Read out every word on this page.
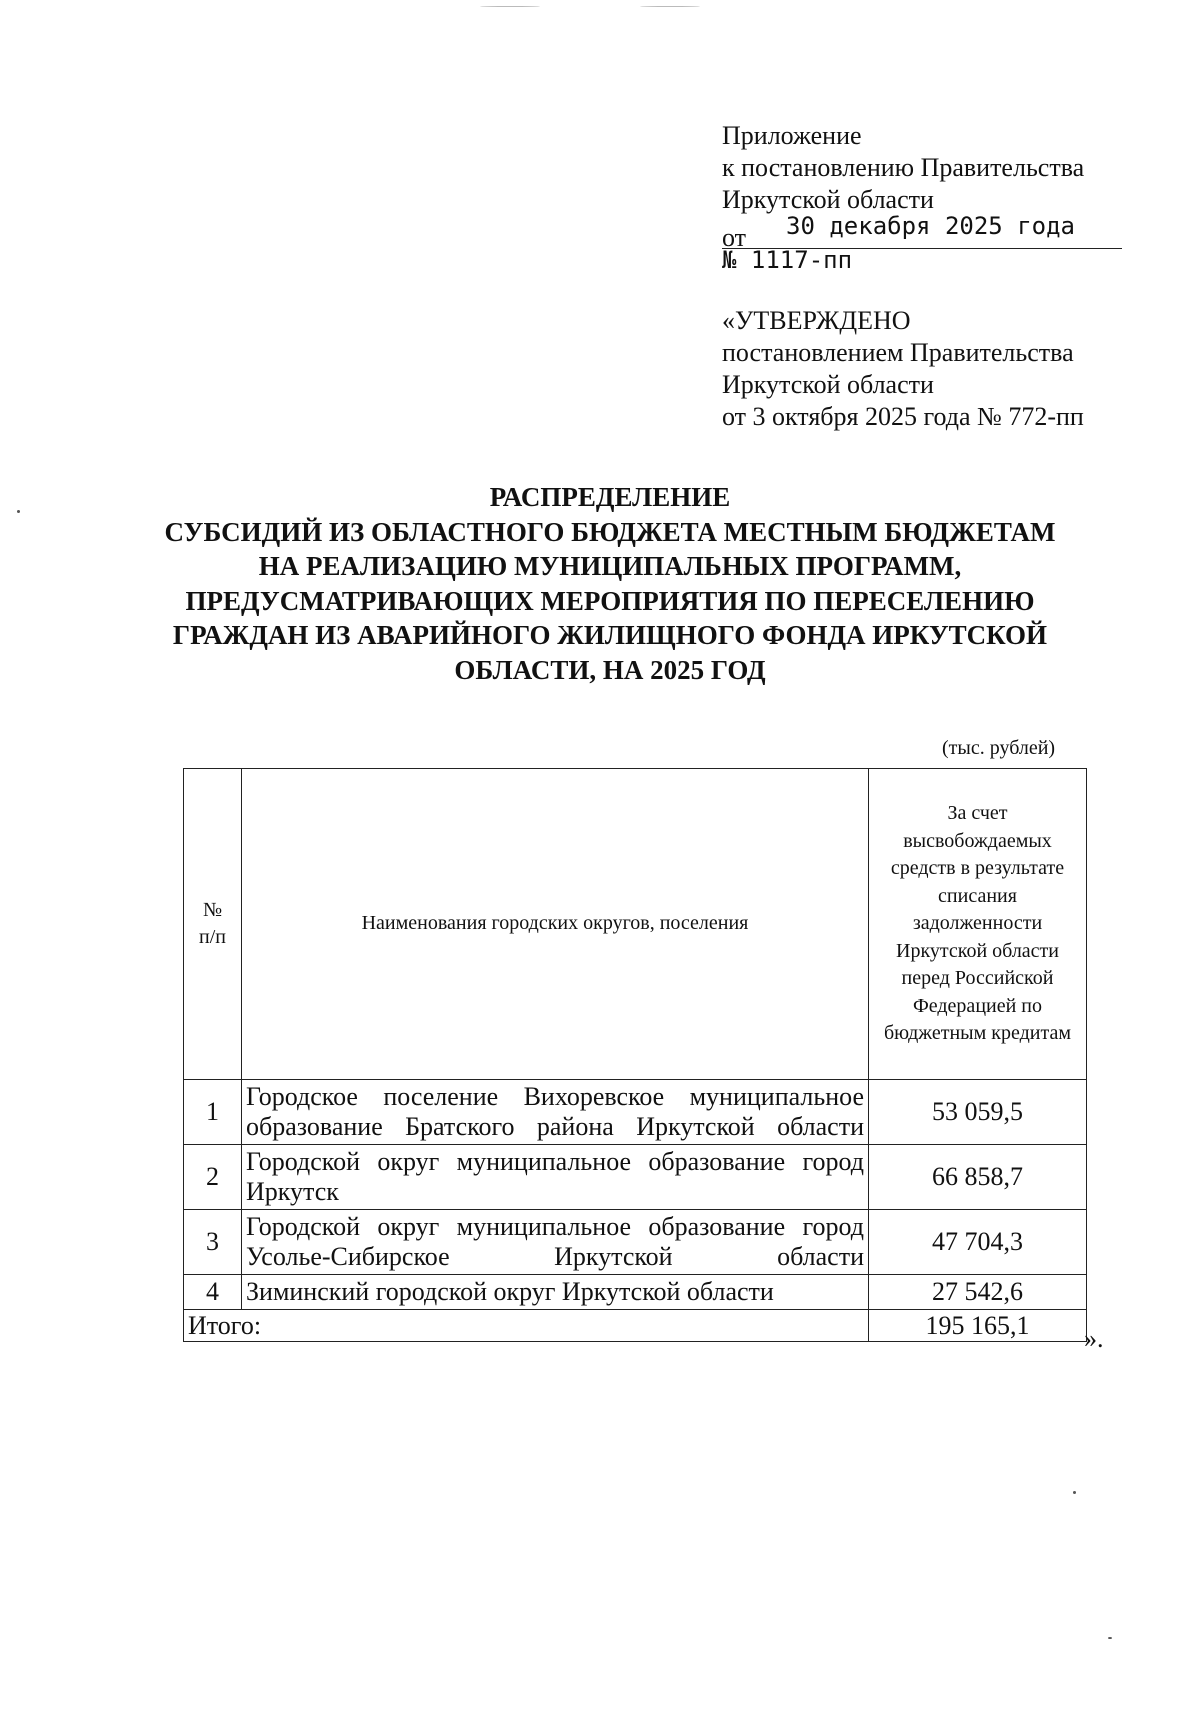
Приложение
к постановлению Правительства
Иркутской области
от 30 декабря 2025 года
№ 1117-пп
«УТВЕРЖДЕНО
постановлением Правительства
Иркутской области
от 3 октября 2025 года № 772-пп
РАСПРЕДЕЛЕНИЕ
СУБСИДИЙ ИЗ ОБЛАСТНОГО БЮДЖЕТА МЕСТНЫМ БЮДЖЕТАМ
НА РЕАЛИЗАЦИЮ МУНИЦИПАЛЬНЫХ ПРОГРАММ,
ПРЕДУСМАТРИВАЮЩИХ МЕРОПРИЯТИЯ ПО ПЕРЕСЕЛЕНИЮ
ГРАЖДАН ИЗ АВАРИЙНОГО ЖИЛИЩНОГО ФОНДА ИРКУТСКОЙ
ОБЛАСТИ, НА 2025 ГОД
(тыс. рублей)
№
п/п	Наименования городских округов, поселения	За счет высвобождаемых средств в результате списания задолженности Иркутской области перед Российской Федерацией по бюджетным кредитам
1	Городское поселение Вихоревское муниципальное образование Братского района Иркутской области	53 059,5
2	Городской округ муниципальное образование город Иркутск	66 858,7
3	Городской округ муниципальное образование город Усолье-Сибирское Иркутской области	47 704,3
4	Зиминский городской округ Иркутской области	27 542,6
Итого:		195 165,1 ».
